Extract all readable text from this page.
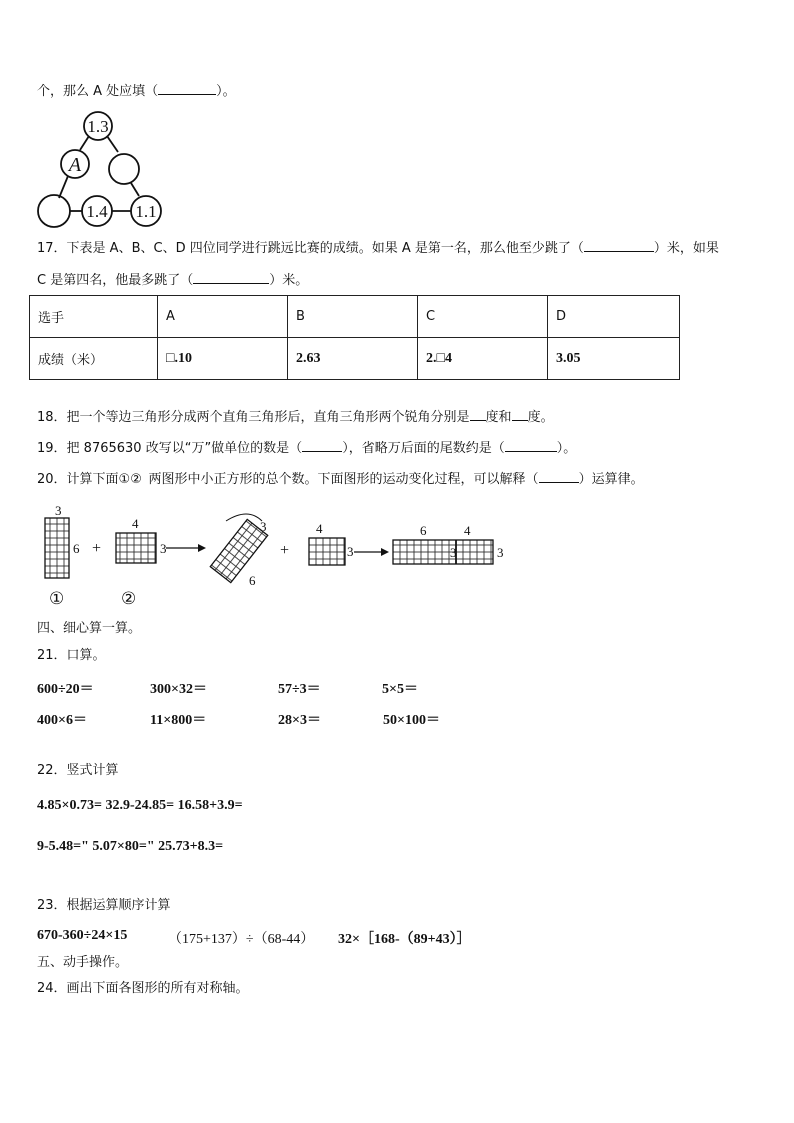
个，那么 A 处应填（	）。
1.3
A
1.4 1.1
17．下表是 A、B、C、D 四位同学进行跳远比赛的成绩。如果 A 是第一名，那么他至少跳了（	）米，如果
C 是第四名，他最多跳了（	）米。
选手	A	B	C	D
成绩（米）	□.10	2.63	2.□4	3.05
18．把一个等边三角形分成两个直角三角形后，直角三角形两个锐角分别是 度和 度。
19．把 8765630 改写以“万”做单位的数是（	），省略万后面的尾数约是（	）。
20．计算下面①② 两图形中小正方形的总个数。下面图形的运动变化过程，可以解释（	）运算律。
3
6 +
4
3
3
6
+
4
3
6	4
3
3
①	②
四、细心算一算。
21．口算。
600÷20＝	300×32＝	57÷3＝	5×5＝
400×6＝	11×800＝	28×3＝	50×100＝
22．竖式计算
4.85×0.73= 32.9-24.85= 16.58+3.9=
9-5.48=" 5.07×80=" 25.73+8.3=
23．根据运算顺序计算
670-360÷24×15	（175+137）÷（68-44） 32×［168-（89+43）］
五、动手操作。
24．画出下面各图形的所有对称轴。
